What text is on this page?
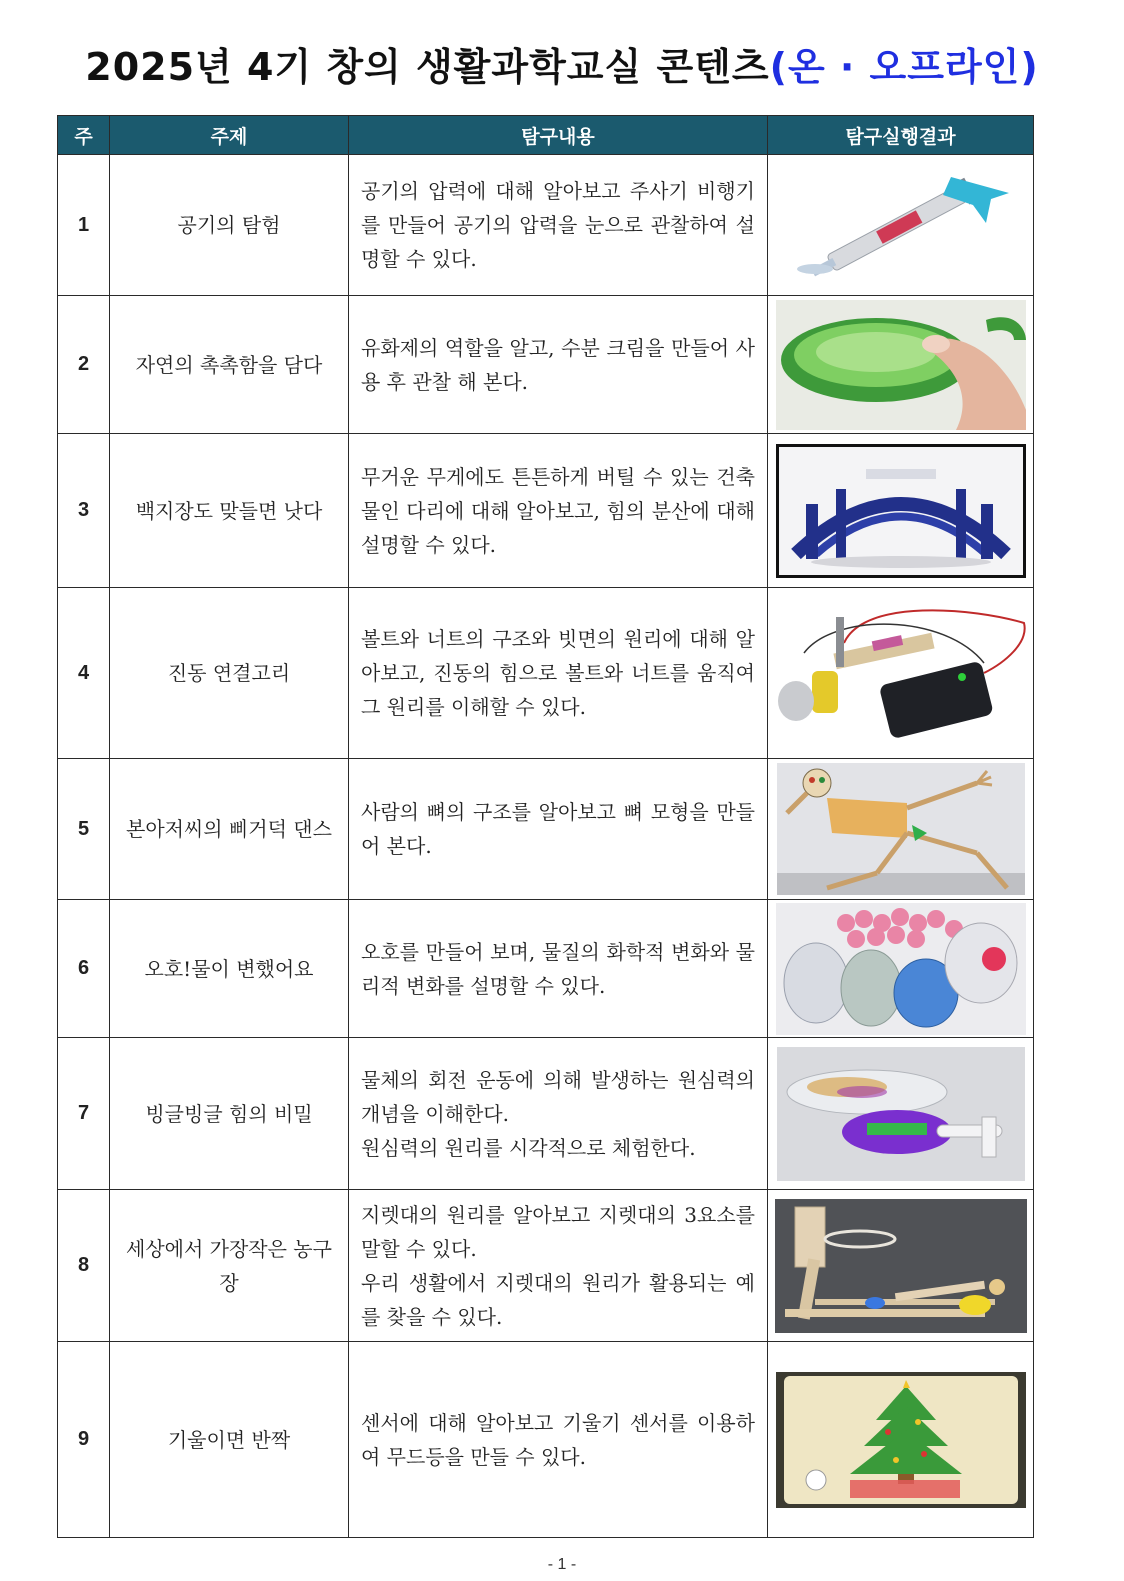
2025년 4기 창의 생활과학교실 콘텐츠(온 · 오프라인)
주	주제	탐구내용	탐구실행결과
1	공기의 탐험	공기의 압력에 대해 알아보고 주사기 비행기를 만들어 공기의 압력을 눈으로 관찰하여 설명할 수 있다.	

2	자연의 촉촉함을 담다	유화제의 역할을 알고, 수분 크림을 만들어 사용 후 관찰 해 본다.	

3	백지장도 맞들면 낫다	무거운 무게에도 튼튼하게 버틸 수 있는 건축물인 다리에 대해 알아보고, 힘의 분산에 대해 설명할 수 있다.	

4	진동 연결고리	볼트와 너트의 구조와 빗면의 원리에 대해 알아보고, 진동의 힘으로 볼트와 너트를 움직여 그 원리를 이해할 수 있다.	

5	본아저씨의 삐거덕 댄스	사람의 뼈의 구조를 알아보고 뼈 모형을 만들어 본다.	

6	오호!물이 변했어요	오호를 만들어 보며, 물질의 화학적 변화와 물리적 변화를 설명할 수 있다.	

7	빙글빙글 힘의 비밀	물체의 회전 운동에 의해 발생하는 원심력의 개념을 이해한다.
원심력의 원리를 시각적으로 체험한다.	

8	세상에서 가장작은 농구장	지렛대의 원리를 알아보고 지렛대의 3요소를 말할 수 있다.
우리 생활에서 지렛대의 원리가 활용되는 예를 찾을 수 있다.	

9	기울이면 반짝	센서에 대해 알아보고 기울기 센서를 이용하여 무드등을 만들 수 있다.	
- 1 -
